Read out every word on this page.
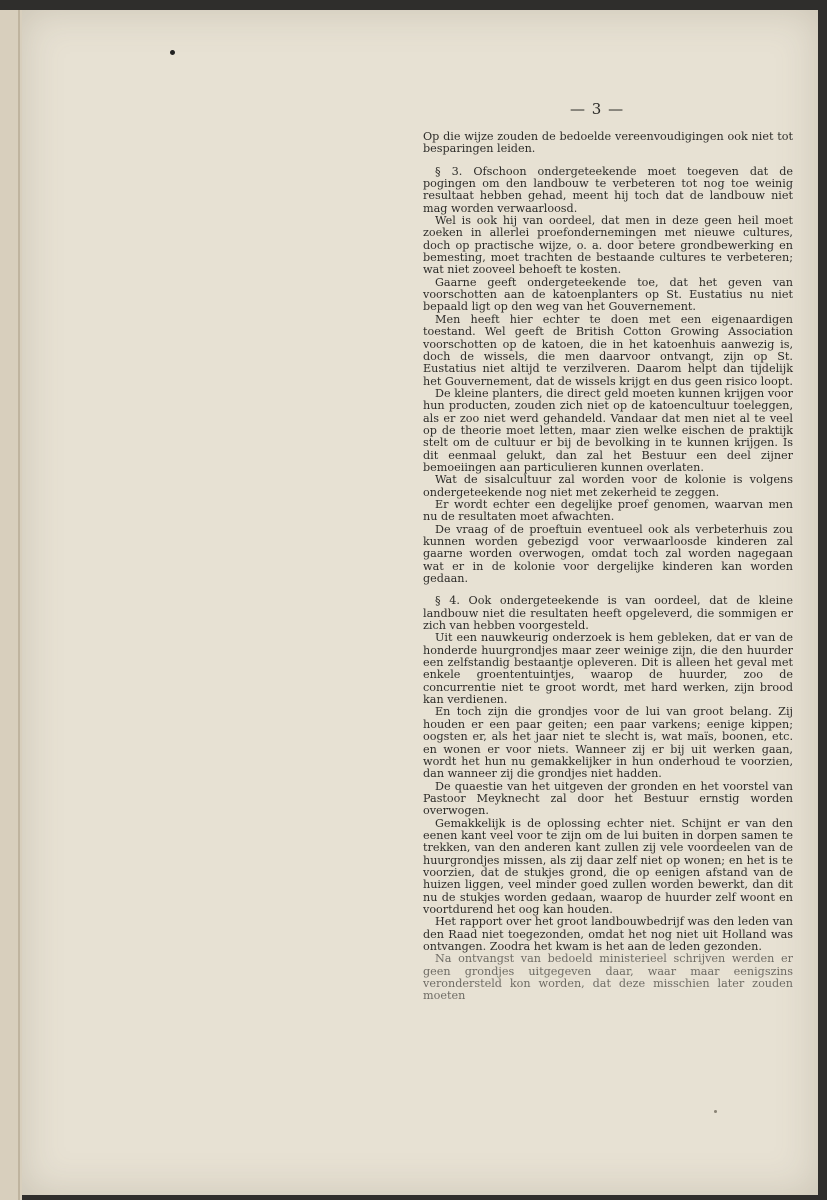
— 3 —

Op die wijze zouden de bedoelde vereenvoudigingen ook niet tot besparingen leiden.

§ 3. Ofschoon ondergeteekende moet toegeven dat de pogingen om den landbouw te verbeteren tot nog toe weinig resultaat hebben gehad, meent hij toch dat de landbouw niet mag worden verwaarloosd.

Wel is ook hij van oordeel, dat men in deze geen heil moet zoeken in allerlei proefondernemingen met nieuwe cultures, doch op practische wijze, o. a. door betere grondbewerking en bemesting, moet trachten de bestaande cultures te verbeteren; wat niet zooveel behoeft te kosten.

Gaarne geeft ondergeteekende toe, dat het geven van voorschotten aan de katoenplanters op St. Eustatius nu niet bepaald ligt op den weg van het Gouvernement.

Men heeft hier echter te doen met een eigenaardigen toestand. Wel geeft de British Cotton Growing Association voorschotten op de katoen, die in het katoenhuis aanwezig is, doch de wissels, die men daarvoor ontvangt, zijn op St. Eustatius niet altijd te verzilveren. Daarom helpt dan tijdelijk het Gouvernement, dat de wissels krijgt en dus geen risico loopt.

De kleine planters, die direct geld moeten kunnen krijgen voor hun producten, zouden zich niet op de katoencultuur toeleggen, als er zoo niet werd gehandeld. Vandaar dat men niet al te veel op de theorie moet letten, maar zien welke eischen de praktijk stelt om de cultuur er bij de bevolking in te kunnen krijgen. Is dit eenmaal gelukt, dan zal het Bestuur een deel zijner bemoeiingen aan particulieren kunnen overlaten.

Wat de sisalcultuur zal worden voor de kolonie is volgens ondergeteekende nog niet met zekerheid te zeggen.

Er wordt echter een degelijke proef genomen, waarvan men nu de resultaten moet afwachten.

De vraag of de proeftuin eventueel ook als verbeterhuis zou kunnen worden gebezigd voor verwaarloosde kinderen zal gaarne worden overwogen, omdat toch zal worden nagegaan wat er in de kolonie voor dergelijke kinderen kan worden gedaan.

§ 4. Ook ondergeteekende is van oordeel, dat de kleine landbouw niet die resultaten heeft opgeleverd, die sommigen er zich van hebben voorgesteld.

Uit een nauwkeurig onderzoek is hem gebleken, dat er van de honderde huurgrondjes maar zeer weinige zijn, die den huurder een zelfstandig bestaantje opleveren. Dit is alleen het geval met enkele groententuintjes, waarop de huurder, zoo de concurrentie niet te groot wordt, met hard werken, zijn brood kan verdienen.

En toch zijn die grondjes voor de lui van groot belang. Zij houden er een paar geiten; een paar varkens; eenige kippen; oogsten er, als het jaar niet te slecht is, wat maïs, boonen, etc. en wonen er voor niets. Wanneer zij er bij uit werken gaan, wordt het hun nu gemakkelijker in hun onderhoud te voorzien, dan wanneer zij die grondjes niet hadden.

De quaestie van het uitgeven der gronden en het voorstel van Pastoor Meyknecht zal door het Bestuur ernstig worden overwogen.

Gemakkelijk is de oplossing echter niet. Schijnt er van den eenen kant veel voor te zijn om de lui buiten in dorpen samen te trekken, van den anderen kant zullen zij vele voordeelen van de huurgrondjes missen, als zij daar zelf niet op wonen; en het is te voorzien, dat de stukjes grond, die op eenigen afstand van de huizen liggen, veel minder goed zullen worden bewerkt, dan dit nu de stukjes worden gedaan, waarop de huurder zelf woont en voortdurend het oog kan houden.

Het rapport over het groot landbouwbedrijf was den leden van den Raad niet toegezonden, omdat het nog niet uit Holland was ontvangen. Zoodra het kwam is het aan de leden gezonden.

Na ontvangst van bedoeld ministerieel schrijven werden er geen grondjes uitgegeven daar, waar maar eenigszins verondersteld kon worden, dat deze misschien later zouden moeten
